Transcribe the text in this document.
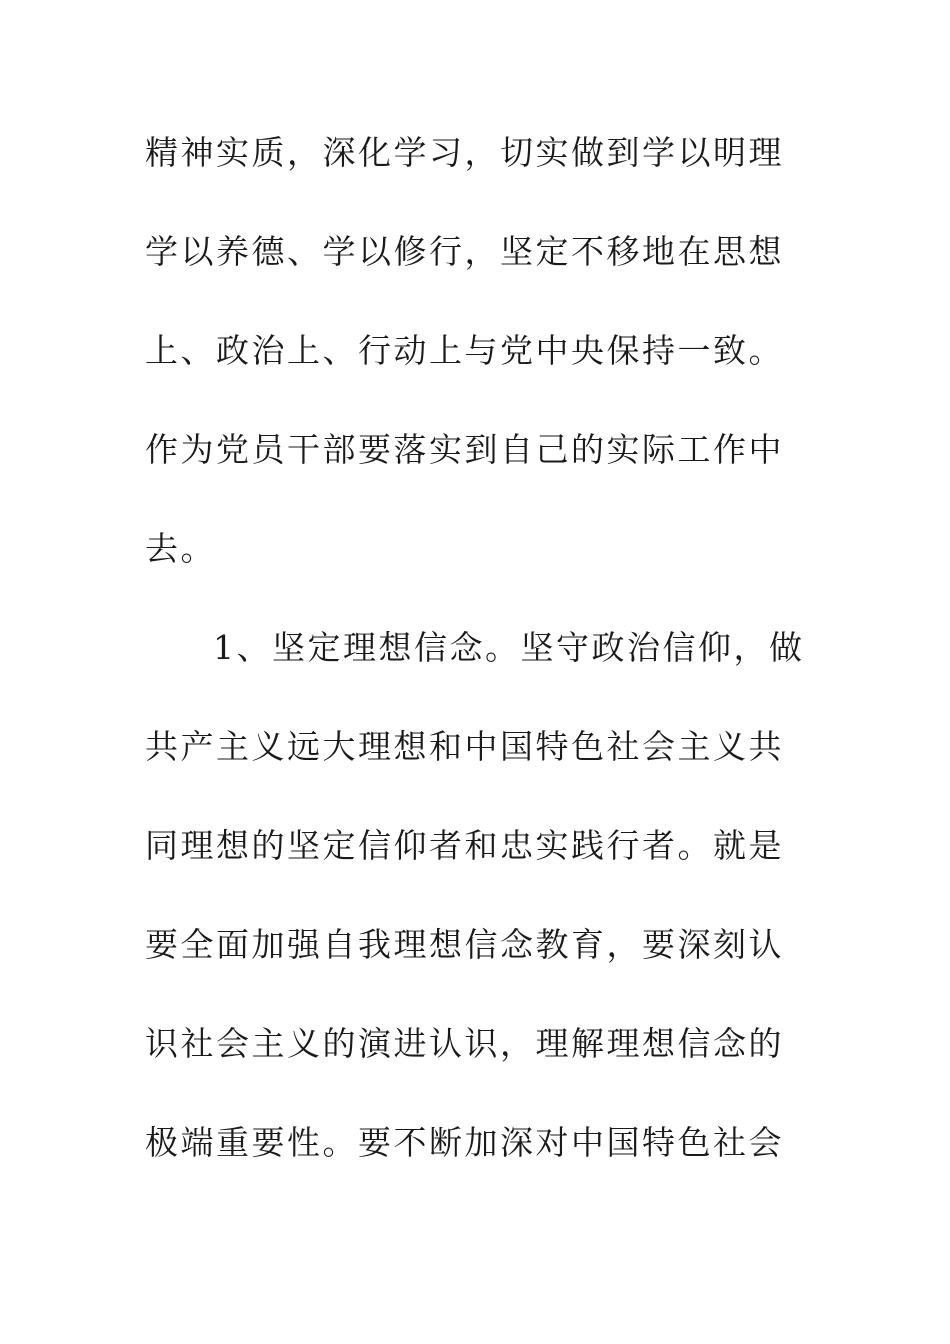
精神实质，深化学习，切实做到学以明理
学以养德、学以修行，坚定不移地在思想
上、政治上、行动上与党中央保持一致。
作为党员干部要落实到自己的实际工作中
去。
1、坚定理想信念。坚守政治信仰，做
共产主义远大理想和中国特色社会主义共
同理想的坚定信仰者和忠实践行者。就是
要全面加强自我理想信念教育，要深刻认
识社会主义的演进认识，理解理想信念的
极端重要性。要不断加深对中国特色社会
